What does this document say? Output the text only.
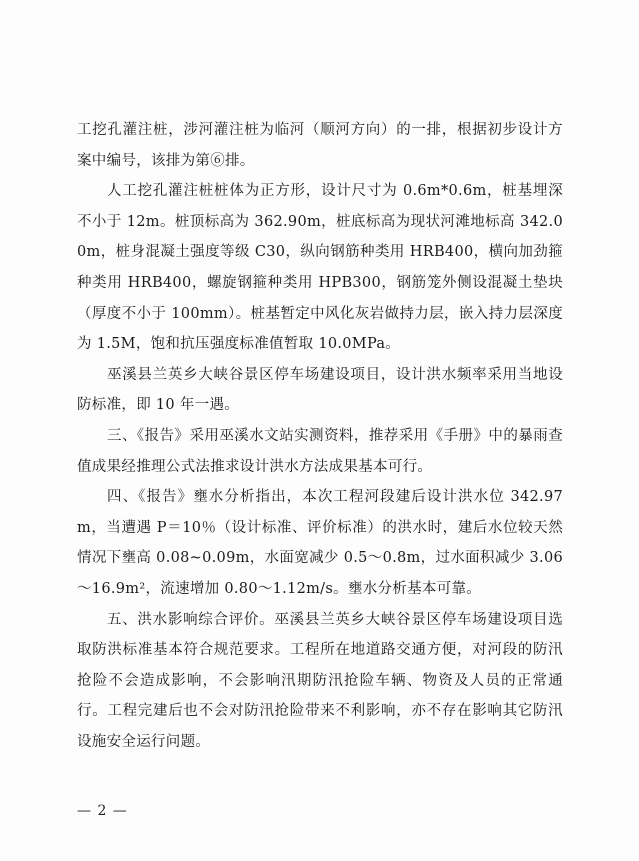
工挖孔灌注桩，涉河灌注桩为临河（顺河方向）的一排，根据初步设计方案中编号，该排为第⑥排。

人工挖孔灌注桩桩体为正方形，设计尺寸为 0.6m*0.6m，桩基埋深不小于 12m。桩顶标高为 362.90m，桩底标高为现状河滩地标高 342.00m，桩身混凝土强度等级 C30，纵向钢筋种类用 HRB400，横向加劲箍种类用 HRB400，螺旋钢箍种类用 HPB300，钢筋笼外侧设混凝土垫块（厚度不小于 100mm）。桩基暂定中风化灰岩做持力层，嵌入持力层深度为 1.5M，饱和抗压强度标准值暂取 10.0MPa。

巫溪县兰英乡大峡谷景区停车场建设项目，设计洪水频率采用当地设防标准，即 10 年一遇。

三、《报告》采用巫溪水文站实测资料，推荐采用《手册》中的暴雨查值成果经推理公式法推求设计洪水方法成果基本可行。

四、《报告》壅水分析指出，本次工程河段建后设计洪水位 342.97m，当遭遇 P＝10％（设计标准、评价标准）的洪水时，建后水位较天然情况下壅高 0.08~0.09m，水面宽减少 0.5～0.8m，过水面积减少 3.06～16.9m²，流速增加 0.80～1.12m/s。壅水分析基本可靠。

五、洪水影响综合评价。巫溪县兰英乡大峡谷景区停车场建设项目选取防洪标准基本符合规范要求。工程所在地道路交通方便，对河段的防汛抢险不会造成影响，不会影响汛期防汛抢险车辆、物资及人员的正常通行。工程完建后也不会对防汛抢险带来不利影响，亦不存在影响其它防汛设施安全运行问题。

— 2 —
